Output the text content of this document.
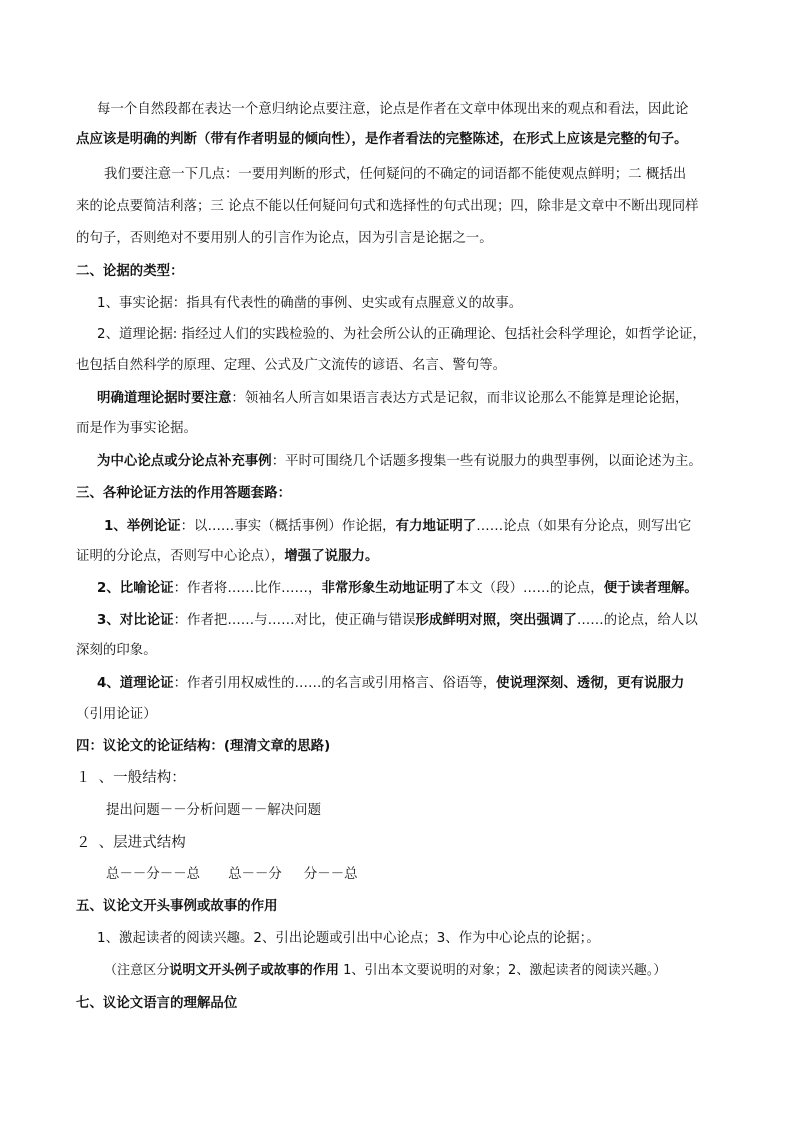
每一个自然段都在表达一个意归纳论点要注意，论点是作者在文章中体现出来的观点和看法，因此论
点应该是明确的判断（带有作者明显的倾向性），是作者看法的完整陈述，在形式上应该是完整的句子。
我们要注意一下几点：一要用判断的形式，任何疑问的不确定的词语都不能使观点鲜明；二 概括出
来的论点要简洁利落；三 论点不能以任何疑问句式和选择性的句式出现；四，除非是文章中不断出现同样
的句子，否则绝对不要用别人的引言作为论点，因为引言是论据之一。
二、论据的类型：
1、事实论据：指具有代表性的确凿的事例、史实或有点腥意义的故事。
2、道理论据: 指经过人们的实践检验的、为社会所公认的正确理论、包括社会科学理论，如哲学论证，
也包括自然科学的原理、定理、公式及广文流传的谚语、名言、警句等。
明确道理论据时要注意：领袖名人所言如果语言表达方式是记叙，而非议论那么不能算是理论论据，
而是作为事实论据。
为中心论点或分论点补充事例：平时可围绕几个话题多搜集一些有说服力的典型事例，以面论述为主。
三、各种论证方法的作用答题套路：
1、举例论证：以……事实（概括事例）作论据，有力地证明了……论点（如果有分论点，则写出它
证明的分论点，否则写中心论点），增强了说服力。
2、比喻论证：作者将……比作……，非常形象生动地证明了本文（段）……的论点，便于读者理解。
3、对比论证：作者把……与……对比，使正确与错误形成鲜明对照，突出强调了……的论点，给人以
深刻的印象。
4、道理论证：作者引用权威性的……的名言或引用格言、俗语等，使说理深刻、透彻，更有说服力
（引用论证）
四：议论文的论证结构：(理清文章的思路)
１ 、一般结构：
提出问题－－分析问题－－解决问题
２ 、层进式结构
总－－分－－总 总－－分 分－－总
五、议论文开头事例或故事的作用
1、激起读者的阅读兴趣。2、引出论题或引出中心论点；3、作为中心论点的论据；。
（注意区分说明文开头例子或故事的作用 1、引出本文要说明的对象；2、激起读者的阅读兴趣。）
七、议论文语言的理解品位
